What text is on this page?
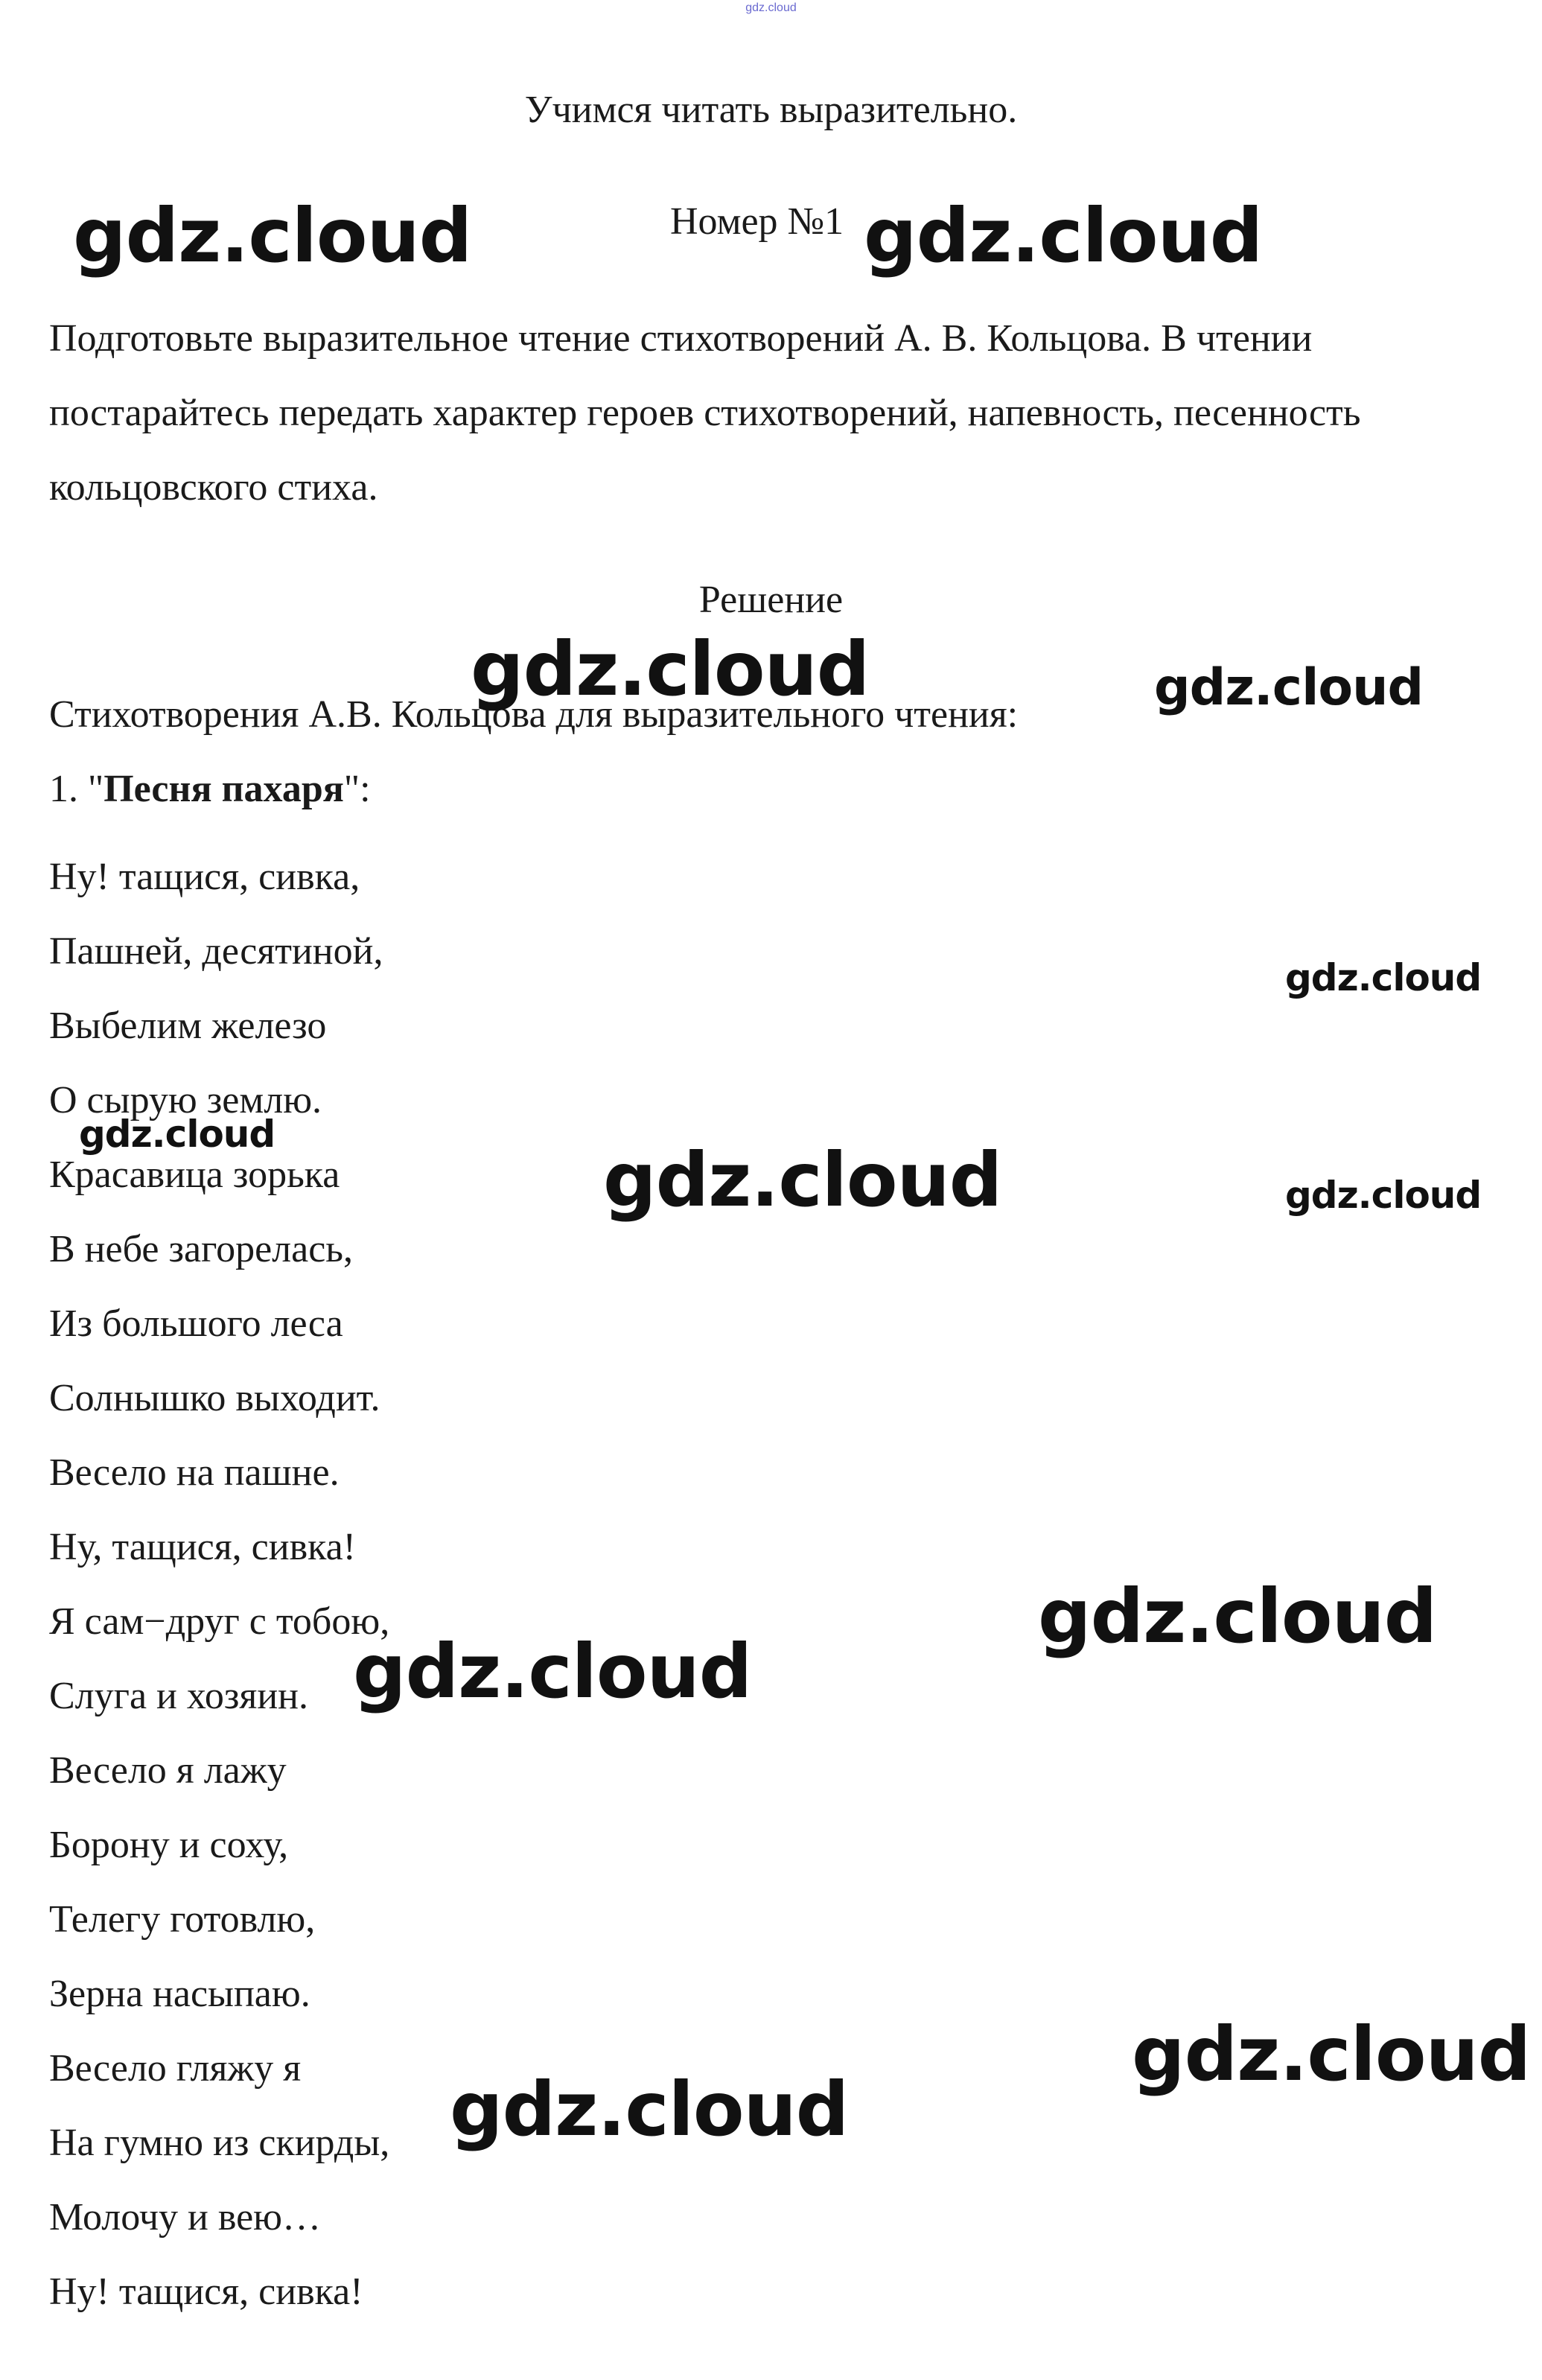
gdz.cloud
Учимся читать выразительно.
Номер №1
Подготовьте выразительное чтение стихотворений А. В. Кольцова. В чтении постарайтесь передать характер героев стихотворений, напевность, песенность кольцовского стиха.
Решение
Стихотворения А.В. Кольцова для выразительного чтения:
1. "Песня пахаря":
Ну! тащися, сивка,
Пашней, десятиной,
Выбелим железо
О сырую землю.
Красавица зорька
В небе загорелась,
Из большого леса
Солнышко выходит.
Весело на пашне.
Ну, тащися, сивка!
Я сам−друг с тобою,
Слуга и хозяин.
Весело я лажу
Борону и соху,
Телегу готовлю,
Зерна насыпаю.
Весело гляжу я
На гумно из скирды,
Молочу и вею…
Ну! тащися, сивка!
gdz.cloud	gdz.cloud
gdz.cloud	gdz.cloud
gdz.cloud
gdz.cloud
gdz.cloud	gdz.cloud
gdz.cloud
gdz.cloud
gdz.cloud
gdz.cloud
